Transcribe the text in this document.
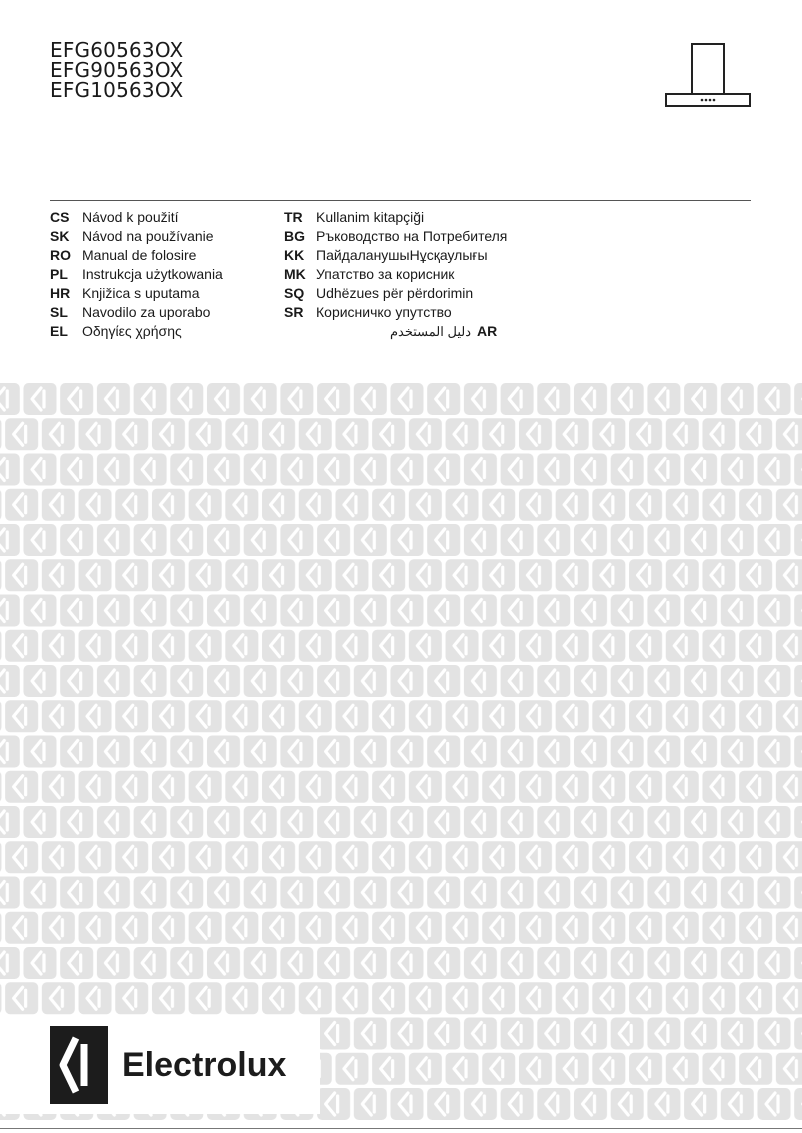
EFG60563OX
EFG90563OX
EFG10563OX
CS Návod k použití
SK Návod na používanie
RO Manual de folosire
PL Instrukcja użytkowania
HR Knjižica s uputama
SL Navodilo za uporabo
EL Οδηγίες χρήσης
TR Kullanim kitapçiği
BG Ръководство на Потребителя
KK ПайдаланушыНұсқаулығы
MK Упатство за корисник
SQ Udhëzues për përdorimin
SR Корисничко упутство
دليل المستخدم AR
Electrolux
